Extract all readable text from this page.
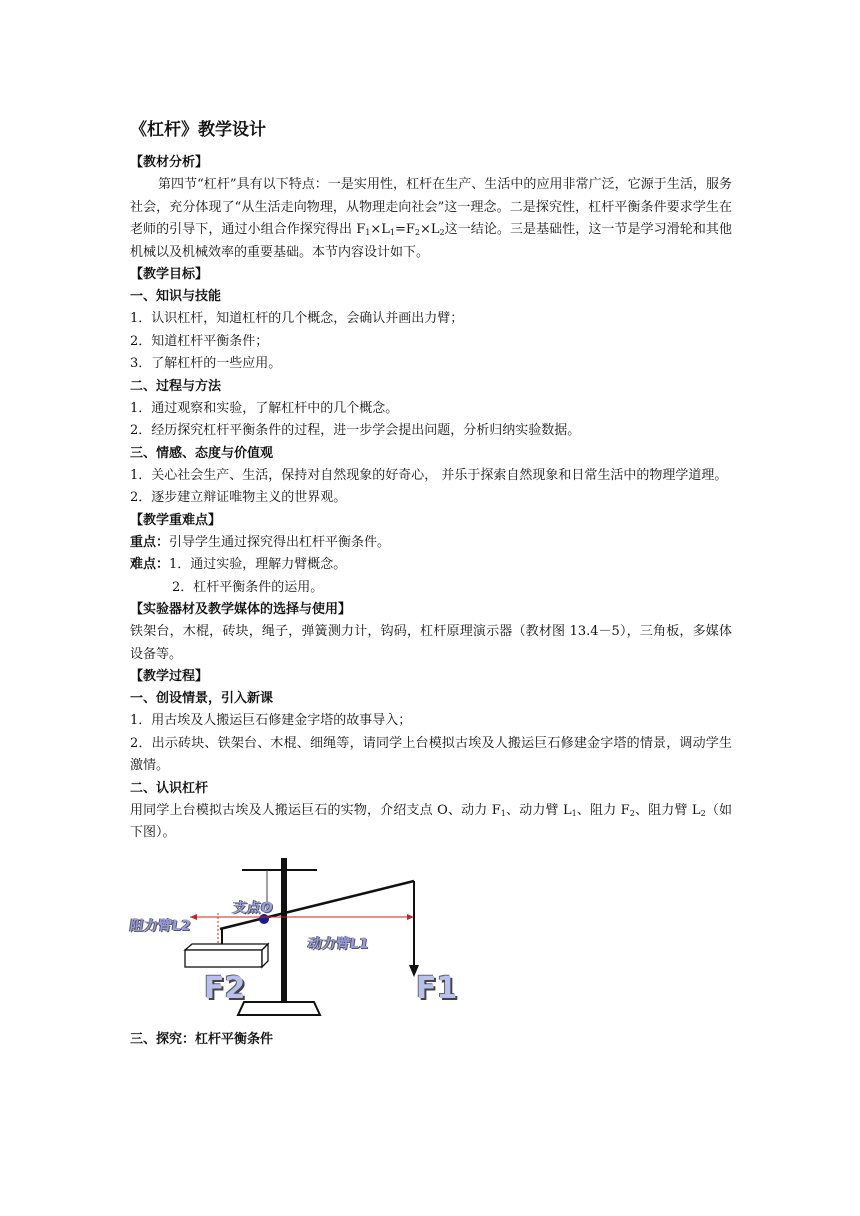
《杠杆》教学设计
【教材分析】
第四节“杠杆”具有以下特点：一是实用性，杠杆在生产、生活中的应用非常广泛，它源于生活，服务社会，充分体现了“从生活走向物理，从物理走向社会”这一理念。二是探究性，杠杆平衡条件要求学生在老师的引导下，通过小组合作探究得出 $F_1\times L_1=F_2\times L_2$这一结论。三是基础性，这一节是学习滑轮和其他机械以及机械效率的重要基础。本节内容设计如下。
【教学目标】
一、知识与技能
1．认识杠杆，知道杠杆的几个概念，会确认并画出力臂；
2．知道杠杆平衡条件；
3．了解杠杆的一些应用。
二、过程与方法
1．通过观察和实验，了解杠杆中的几个概念。
2．经历探究杠杆平衡条件的过程，进一步学会提出问题，分析归纳实验数据。
三、情感、态度与价值观
1．关心社会生产、生活，保持对自然现象的好奇心， 并乐于探索自然现象和日常生活中的物理学道理。
2．逐步建立辩证唯物主义的世界观。
【教学重难点】
重点：引导学生通过探究得出杠杆平衡条件。
难点：1．通过实验，理解力臂概念。
2．杠杆平衡条件的运用。
【实验器材及教学媒体的选择与使用】
铁架台，木棍，砖块，绳子，弹簧测力计，钩码，杠杆原理演示器（教材图 13.4－5），三角板，多媒体设备等。
【教学过程】
一、创设情景，引入新课
1．用古埃及人搬运巨石修建金字塔的故事导入；
2．出示砖块、铁架台、木棍、细绳等，请同学上台模拟古埃及人搬运巨石修建金字塔的情景，调动学生激情。
二、认识杠杆
用同学上台模拟古埃及人搬运巨石的实物，介绍支点 O、动力 $F_1$、动力臂 $L_1$、阻力 $F_2$、阻力臂 $L_2$（如下图）。
支点O
阻力臂L2
动力臂L1
F2	F1
三、探究：杠杆平衡条件
